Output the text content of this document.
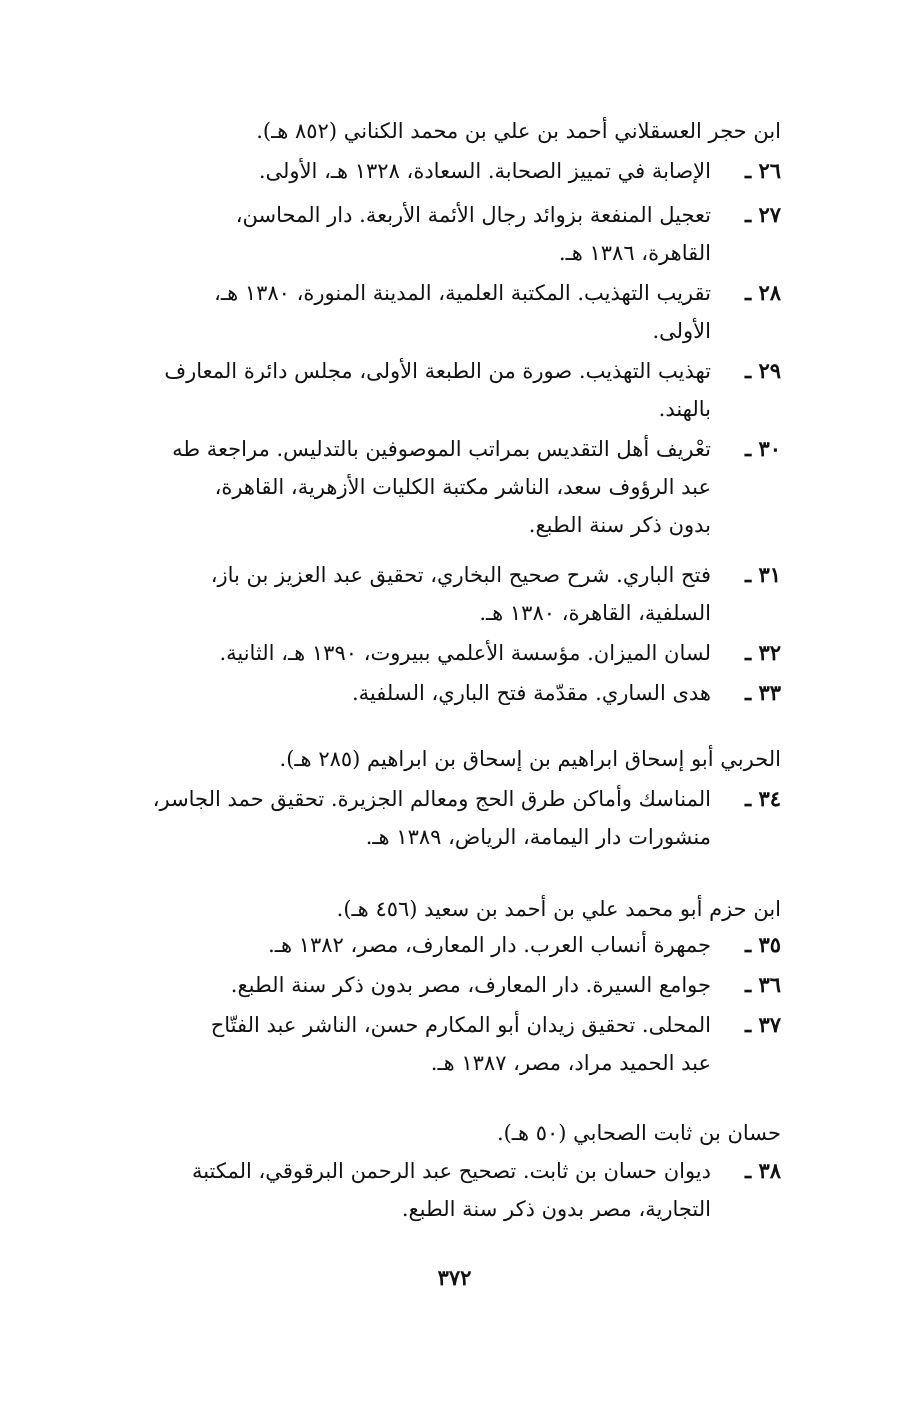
ابن حجر العسقلاني أحمد بن علي بن محمد الكناني (٨٥٢ هـ).
٢٦ ـ
الإصابة في تمييز الصحابة. السعادة، ١٣٢٨ هـ، الأولى.
٢٧ ـ
تعجيل المنفعة بزوائد رجال الأئمة الأربعة. دار المحاسن،
القاهرة، ١٣٨٦ هـ.
٢٨ ـ
تقريب التهذيب. المكتبة العلمية، المدينة المنورة، ١٣٨٠ هـ،
الأولى.
٢٩ ـ
تهذيب التهذيب. صورة من الطبعة الأولى، مجلس دائرة المعارف
بالهند.
٣٠ ـ
تعْريف أهل التقديس بمراتب الموصوفين بالتدليس. مراجعة طه
عبد الرؤوف سعد، الناشر مكتبة الكليات الأزهرية، القاهرة،
بدون ذكر سنة الطبع.
٣١ ـ
فتح الباري. شرح صحيح البخاري، تحقيق عبد العزيز بن باز،
السلفية، القاهرة، ١٣٨٠ هـ.
٣٢ ـ
لسان الميزان. مؤسسة الأعلمي ببيروت، ١٣٩٠ هـ، الثانية.
٣٣ ـ
هدى الساري. مقدّمة فتح الباري، السلفية.
الحربي أبو إسحاق ابراهيم بن إسحاق بن ابراهيم (٢٨٥ هـ).
٣٤ ـ
المناسك وأماكن طرق الحج ومعالم الجزيرة. تحقيق حمد الجاسر،
منشورات دار اليمامة، الرياض، ١٣٨٩ هـ.
ابن حزم أبو محمد علي بن أحمد بن سعيد (٤٥٦ هـ).
٣٥ ـ
جمهرة أنساب العرب. دار المعارف، مصر، ١٣٨٢ هـ.
٣٦ ـ
جوامع السيرة. دار المعارف، مصر بدون ذكر سنة الطبع.
٣٧ ـ
المحلى. تحقيق زيدان أبو المكارم حسن، الناشر عبد الفتّاح
عبد الحميد مراد، مصر، ١٣٨٧ هـ.
حسان بن ثابت الصحابي (٥٠ هـ).
٣٨ ـ
ديوان حسان بن ثابت. تصحيح عبد الرحمن البرقوقي، المكتبة
التجارية، مصر بدون ذكر سنة الطبع.
٣٧٢
